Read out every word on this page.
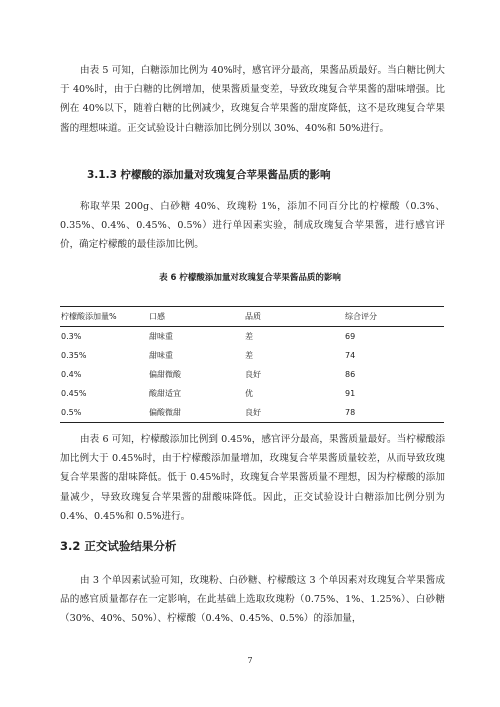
由表 5 可知，白糖添加比例为 40%时，感官评分最高，果酱品质最好。当白糖比例大于 40%时，由于白糖的比例增加，使果酱质量变差，导致玫瑰复合苹果酱的甜味增强。比例在 40%以下，随着白糖的比例减少，玫瑰复合苹果酱的甜度降低，这不是玫瑰复合苹果酱的理想味道。正交试验设计白糖添加比例分别以 30%、40%和 50%进行。

3.1.3 柠檬酸的添加量对玫瑰复合苹果酱品质的影响

称取苹果 200g、白砂糖 40%、玫瑰粉 1%，添加不同百分比的柠檬酸（0.3%、0.35%、0.4%、0.45%、0.5%）进行单因素实验，制成玫瑰复合苹果酱，进行感官评价，确定柠檬酸的最佳添加比例。

表 6 柠檬酸添加量对玫瑰复合苹果酱品质的影响

柠檬酸添加量%	口感	品质	综合评分
0.3%	甜味重	差	69
0.35%	甜味重	差	74
0.4%	偏甜微酸	良好	86
0.45%	酸甜适宜	优	91
0.5%	偏酸微甜	良好	78

由表 6 可知，柠檬酸添加比例到 0.45%，感官评分最高，果酱质量最好。当柠檬酸添加比例大于 0.45%时，由于柠檬酸添加量增加，玫瑰复合苹果酱质量较差，从而导致玫瑰复合苹果酱的甜味降低。低于 0.45%时，玫瑰复合苹果酱质量不理想，因为柠檬酸的添加量减少，导致玫瑰复合苹果酱的甜酸味降低。因此，正交试验设计白糖添加比例分别为 0.4%、0.45%和 0.5%进行。

3.2 正交试验结果分析

由 3 个单因素试验可知，玫瑰粉、白砂糖、柠檬酸这 3 个单因素对玫瑰复合苹果酱成品的感官质量都存在一定影响，在此基础上选取玫瑰粉（0.75%、1%、1.25%）、白砂糖（30%、40%、50%）、柠檬酸（0.4%、0.45%、0.5%）的添加量，

7
